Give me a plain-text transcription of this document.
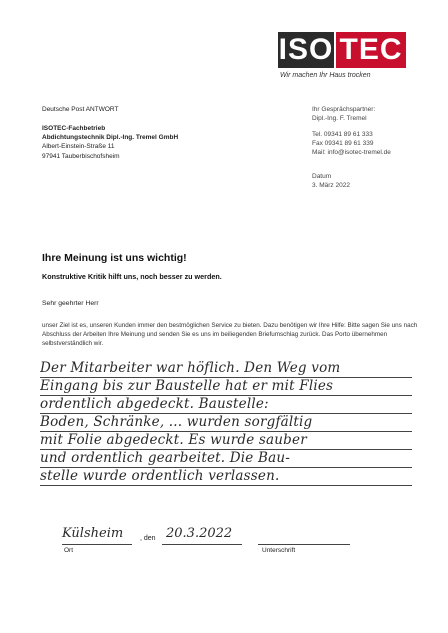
ISO TEC
Wir machen Ihr Haus trocken
Deutsche Post ANTWORT
ISOTEC-Fachbetrieb
Abdichtungstechnik Dipl.-Ing. Tremel GmbH
Albert-Einstein-Straße 11
97941 Tauberbischofsheim
Ihr Gesprächspartner:
Dipl.-Ing. F. Tremel
Tel. 09341 89 61 333
Fax 09341 89 61 339
Mail: info@isotec-tremel.de
Datum
3. März 2022
Ihre Meinung ist uns wichtig!
Konstruktive Kritik hilft uns, noch besser zu werden.
Sehr geehrter Herr
unser Ziel ist es, unseren Kunden immer den bestmöglichen Service zu bieten. Dazu benötigen wir Ihre Hilfe: Bitte sagen Sie uns nach Abschluss der Arbeiten Ihre Meinung und senden Sie es uns im beiliegenden Briefumschlag zurück. Das Porto übernehmen selbstverständlich wir.
Der Mitarbeiter war höflich. Den Weg vom
Eingang bis zur Baustelle hat er mit Flies
ordentlich abgedeckt. Baustelle:
Boden, Schränke, ... wurden sorgfältig
mit Folie abgedeckt. Es wurde sauber
und ordentlich gearbeitet. Die Bau-
stelle wurde ordentlich verlassen.
Külsheim
Ort
, den 20.3.2022
Unterschrift
